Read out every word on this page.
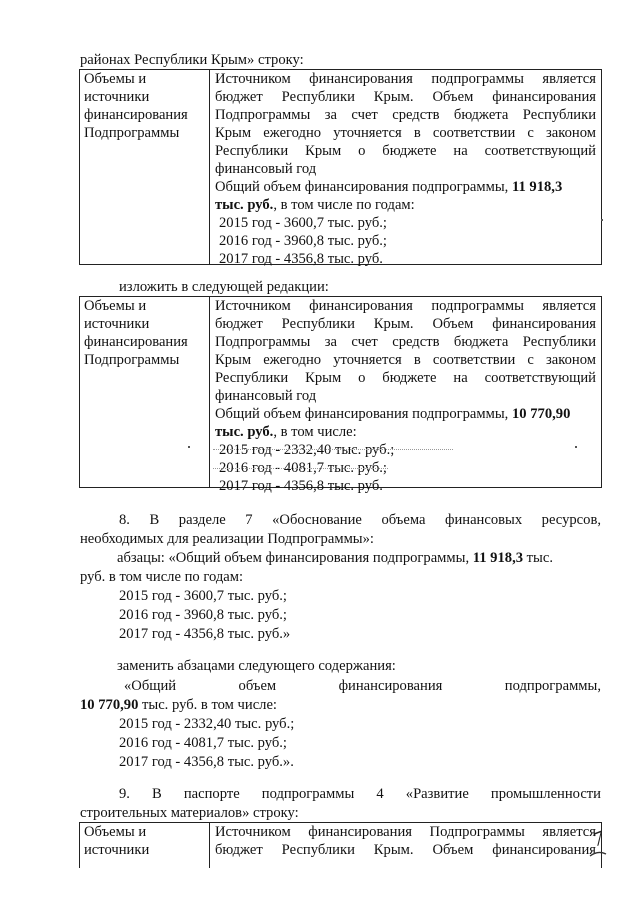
районах Республики Крым» строку:
Объемы и
источники
финансирования
Подпрограммы
Источником финансирования подпрограммы является
бюджет Республики Крым. Объем финансирования
Подпрограммы за счет средств бюджета Республики
Крым ежегодно уточняется в соответствии с законом
Республики Крым о бюджете на соответствующий
финансовый год
Общий объем финансирования подпрограммы, 11 918,3
тыс. руб., в том числе по годам:
2015 год - 3600,7 тыс. руб.;
2016 год - 3960,8 тыс. руб.;
2017 год - 4356,8 тыс. руб.
изложить в следующей редакции:
Объемы и
источники
финансирования
Подпрограммы
Источником финансирования подпрограммы является
бюджет Республики Крым. Объем финансирования
Подпрограммы за счет средств бюджета Республики
Крым ежегодно уточняется в соответствии с законом
Республики Крым о бюджете на соответствующий
финансовый год
Общий объем финансирования подпрограммы, 10 770,90
тыс. руб., в том числе:
2015 год - 2332,40 тыс. руб.;
2016 год - 4081,7 тыс. руб.;
2017 год - 4356,8 тыс. руб.
8. В разделе 7 «Обоснование объема финансовых ресурсов,
необходимых для реализации Подпрограммы»:
абзацы: «Общий объем финансирования подпрограммы, 11 918,3 тыс.
руб. в том числе по годам:
2015 год - 3600,7 тыс. руб.;
2016 год - 3960,8 тыс. руб.;
2017 год - 4356,8 тыс. руб.»
заменить абзацами следующего содержания:
«Общий объем финансирования подпрограммы,
10 770,90 тыс. руб. в том числе:
2015 год - 2332,40 тыс. руб.;
2016 год - 4081,7 тыс. руб.;
2017 год - 4356,8 тыс. руб.».
9. В паспорте подпрограммы 4 «Развитие промышленности
строительных материалов» строку:
Объемы и
источники
Источником финансирования Подпрограммы является
бюджет Республики Крым. Объем финансирования
7
